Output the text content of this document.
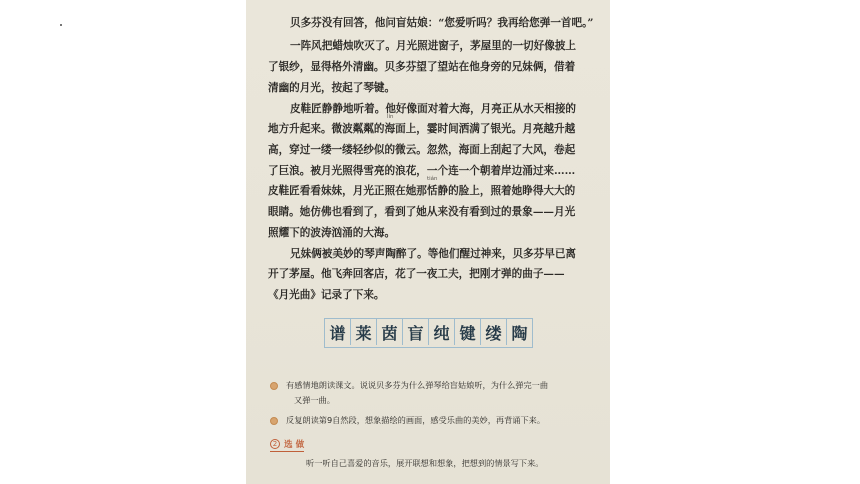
贝多芬没有回答，他问盲姑娘：“您爱听吗？我再给您弹一首吧。”
一阵风把蜡烛吹灭了。月光照进窗子，茅屋里的一切好像披上
了银纱，显得格外清幽。贝多芬望了望站在他身旁的兄妹俩，借着
清幽的月光，按起了琴键。
皮鞋匠静静地听着。他好像面对着大海，月亮正从水天相接的
lín
地方升起来。微波粼粼的海面上，霎时间洒满了银光。月亮越升越
高，穿过一缕一缕轻纱似的微云。忽然，海面上刮起了大风，卷起
了巨浪。被月光照得雪亮的浪花，一个连一个朝着岸边涌过来……
tián
皮鞋匠看看妹妹，月光正照在她那恬静的脸上，照着她睁得大大的
眼睛。她仿佛也看到了，看到了她从来没有看到过的景象——月光
照耀下的波涛汹涌的大海。
兄妹俩被美妙的琴声陶醉了。等他们醒过神来，贝多芬早已离
开了茅屋。他飞奔回客店，花了一夜工夫，把刚才弹的曲子——
《月光曲》记录了下来。
谱 莱 茵 盲 纯 键 缕 陶
有感情地朗读课文。说说贝多芬为什么弹琴给盲姑娘听，为什么弹完一曲
又弹一曲。
反复朗读第9自然段，想象描绘的画面，感受乐曲的美妙，再背诵下来。
2 选 做
听一听自己喜爱的音乐，展开联想和想象，把想到的情景写下来。
